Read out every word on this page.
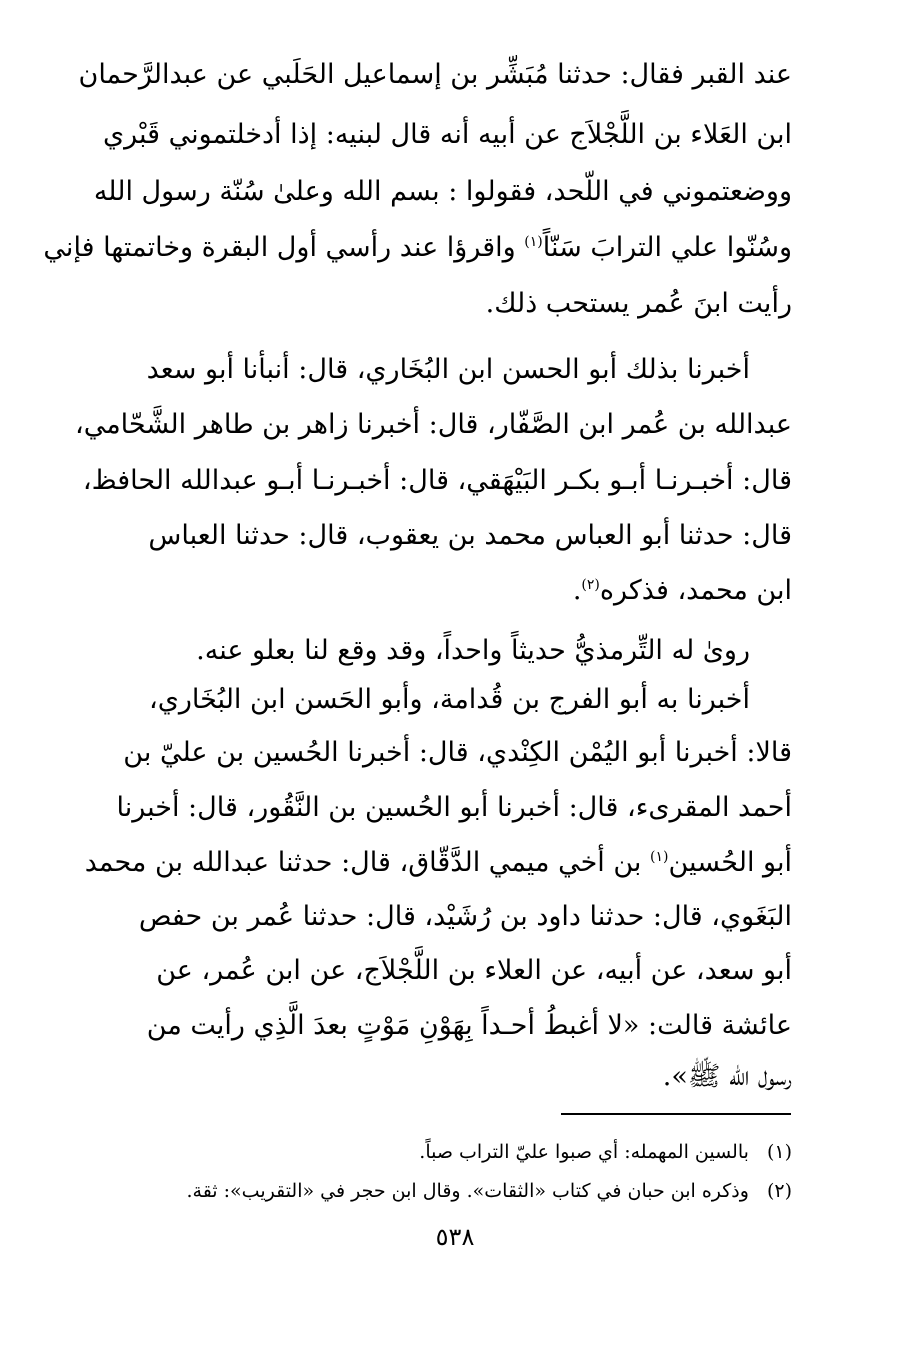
عند القبر فقال: حدثنا مُبَشِّر بن إسماعيل الحَلَبي عن عبدالرَّحمان
ابن العَلاء بن اللَّجْلاَج عن أبيه أنه قال لبنيه: إذا أدخلتموني قَبْري
ووضعتموني في اللّحد، فقولوا : بسم الله وعلىٰ سُنّة رسول الله
وسُنّوا علي الترابَ سَنّاً$^{(١)}$ واقرؤا عند رأسي أول البقرة وخاتمتها فإني
رأيت ابنَ عُمر يستحب ذلك.
أخبرنا بذلك أبو الحسن ابن البُخَاري، قال: أنبأنا أبو سعد
عبدالله بن عُمر ابن الصَّفّار، قال: أخبرنا زاهر بن طاهر الشَّحّامي،
قال: أخبـرنـا أبـو بكـر البَيْهَقي، قال: أخبـرنـا أبـو عبدالله الحافظ،
قال: حدثنا أبو العباس محمد بن يعقوب، قال: حدثنا العباس
ابن محمد، فذكره$^{(٢)}$.
روىٰ له التِّرمذيُّ حديثاً واحداً، وقد وقع لنا بعلو عنه.
أخبرنا به أبو الفرج بن قُدامة، وأبو الحَسن ابن البُخَاري،
قالا: أخبرنا أبو اليُمْن الكِنْدي، قال: أخبرنا الحُسين بن عليّ بن
أحمد المقرىء، قال: أخبرنا أبو الحُسين بن النَّقُور، قال: أخبرنا
أبو الحُسين$^{(١)}$ بن أخي ميمي الدَّقّاق، قال: حدثنا عبدالله بن محمد
البَغَوي، قال: حدثنا داود بن رُشَيْد، قال: حدثنا عُمر بن حفص
أبو سعد، عن أبيه، عن العلاء بن اللَّجْلاَج، عن ابن عُمر، عن
عائشة قالت: «لا أغبطُ أحـداً بِهَوْنِ مَوْتٍ بعدَ الَّذِي رأيت من
رسول الله ﷺ».
(١)بالسين المهمله: أي صبوا عليّ التراب صباً.
(٢)وذكره ابن حبان في كتاب «الثقات». وقال ابن حجر في «التقريب»: ثقة.
٥٣٨
